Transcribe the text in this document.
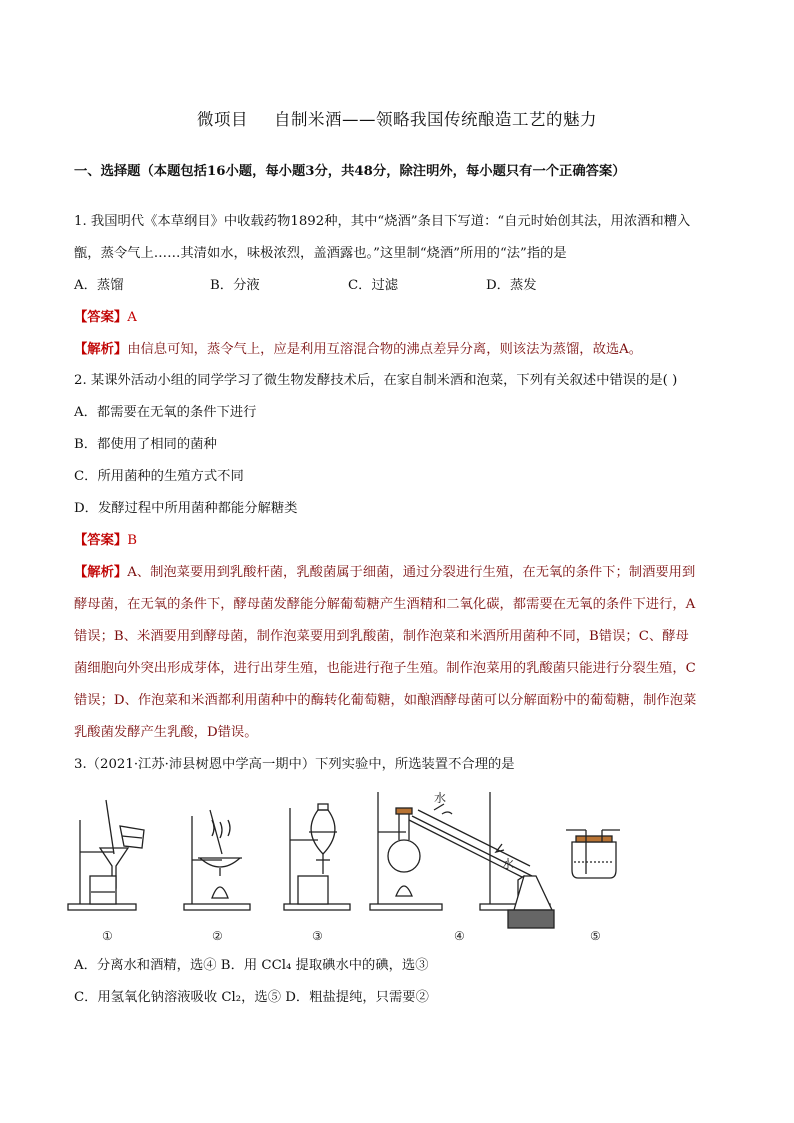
微项目 自制米酒——领略我国传统酿造工艺的魅力
一、选择题（本题包括16小题，每小题3分，共48分，除注明外，每小题只有一个正确答案）
1. 我国明代《本草纲目》中收载药物1892种，其中“烧酒”条目下写道：“自元时始创其法，用浓酒和糟入
甑，蒸令气上……其清如水，味极浓烈，盖酒露也。”这里制“烧酒”所用的“法”指的是
A．蒸馏	B．分液	C．过滤	D．蒸发
【答案】A
【解析】由信息可知，蒸令气上，应是利用互溶混合物的沸点差异分离，则该法为蒸馏，故选A。
2. 某课外活动小组的同学学习了微生物发酵技术后，在家自制米酒和泡菜，下列有关叙述中错误的是( )
A．都需要在无氧的条件下进行
B．都使用了相同的菌种
C．所用菌种的生殖方式不同
D．发酵过程中所用菌种都能分解糖类
【答案】B
【解析】A、制泡菜要用到乳酸杆菌，乳酸菌属于细菌，通过分裂进行生殖，在无氧的条件下；制酒要用到
酵母菌，在无氧的条件下，酵母菌发酵能分解葡萄糖产生酒精和二氧化碳，都需要在无氧的条件下进行，A
错误；B、米酒要用到酵母菌，制作泡菜要用到乳酸菌，制作泡菜和米酒所用菌种不同，B错误；C、酵母
菌细胞向外突出形成芽体，进行出芽生殖，也能进行孢子生殖。制作泡菜用的乳酸菌只能进行分裂生殖，C
错误；D、作泡菜和米酒都利用菌种中的酶转化葡萄糖，如酿酒酵母菌可以分解面粉中的葡萄糖，制作泡菜
乳酸菌发酵产生乳酸，D错误。
3.（2021·江苏·沛县树恩中学高一期中）下列实验中，所选装置不合理的是
水
水
①	②	③	④	⑤
A．分离水和酒精，选④ B．用 CCl₄ 提取碘水中的碘，选③
C．用氢氧化钠溶液吸收 Cl₂，选⑤ D．粗盐提纯，只需要②
